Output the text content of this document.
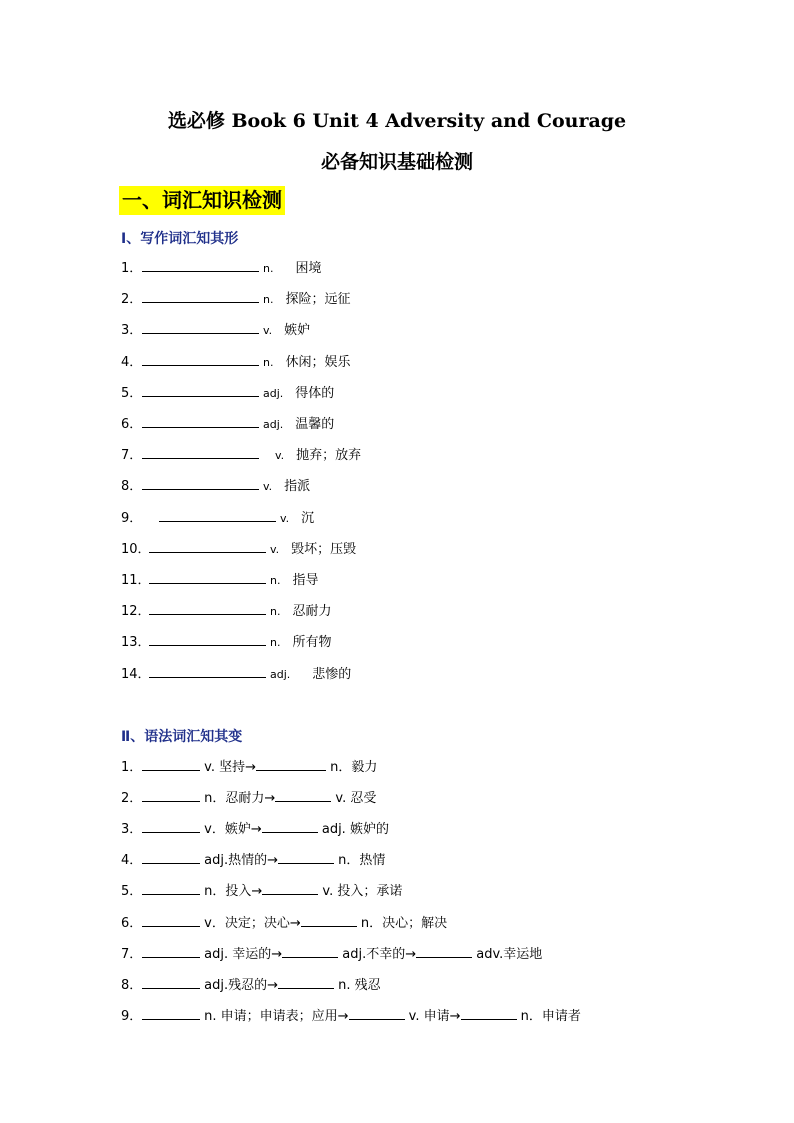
选必修 Book 6 Unit 4 Adversity and Courage
必备知识基础检测
一、词汇知识检测
Ⅰ、写作词汇知其形
1．	n. 困境
2．	n. 探险；远征
3．	v. 嫉妒
4．	n. 休闲；娱乐
5．	adj. 得体的
6．	adj. 温馨的
7．	v. 抛弃；放弃
8．	v. 指派
9．	v. 沉
10．	v. 毁坏；压毁
11．	n. 指导
12．	n. 忍耐力
13．	n. 所有物
14．	adj. 悲惨的
Ⅱ、语法词汇知其变
1．	v. 坚持→	n．毅力
2．	n．忍耐力→	v. 忍受
3．	v．嫉妒→	adj. 嫉妒的
4．	adj.热情的→	n．热情
5．	n．投入→	v. 投入；承诺
6．	v．决定；决心→	n．决心；解决
7．	adj. 幸运的→	adj.不幸的→	adv.幸运地
8．	adj.残忍的→	n. 残忍
9．	n. 申请；申请表；应用→	v. 申请→	n．申请者
